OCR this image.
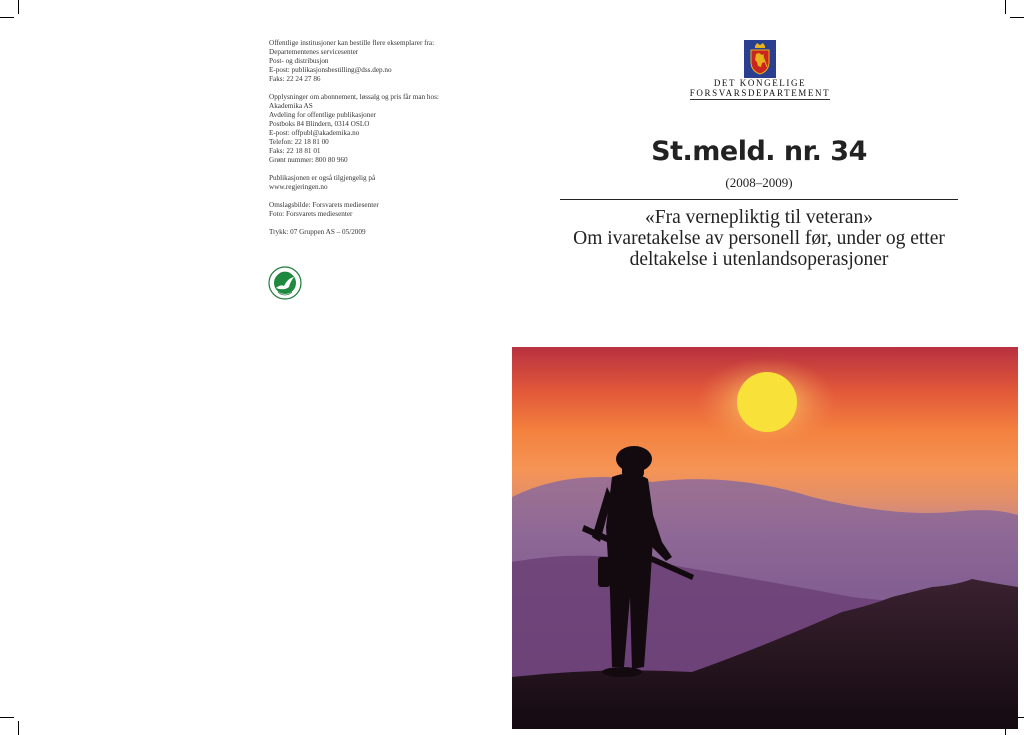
Offentlige institusjoner kan bestille flere eksemplarer fra:
Departementenes servicesenter
Post- og distribusjon
E-post: publikasjonsbestilling@dss.dep.no
Faks: 22 24 27 86
Opplysninger om abonnement, løssalg og pris får man hos:
Akademika AS
Avdeling for offentlige publikasjoner
Postboks 84 Blindern, 0314 OSLO
E-post: offpubl@akademika.no
Telefon: 22 18 81 00
Faks: 22 18 81 01
Grønt nummer: 800 80 960
Publikasjonen er også tilgjengelig på
www.regjeringen.no
Omslagsbilde: Forsvarets mediesenter
Foto: Forsvarets mediesenter
Trykk: 07 Gruppen AS – 05/2009
DET KONGELIGE
FORSVARSDEPARTEMENT
St.meld. nr. 34
(2008–2009)
«Fra vernepliktig til veteran»
Om ivaretakelse av personell før, under og etter
deltakelse i utenlandsoperasjoner
